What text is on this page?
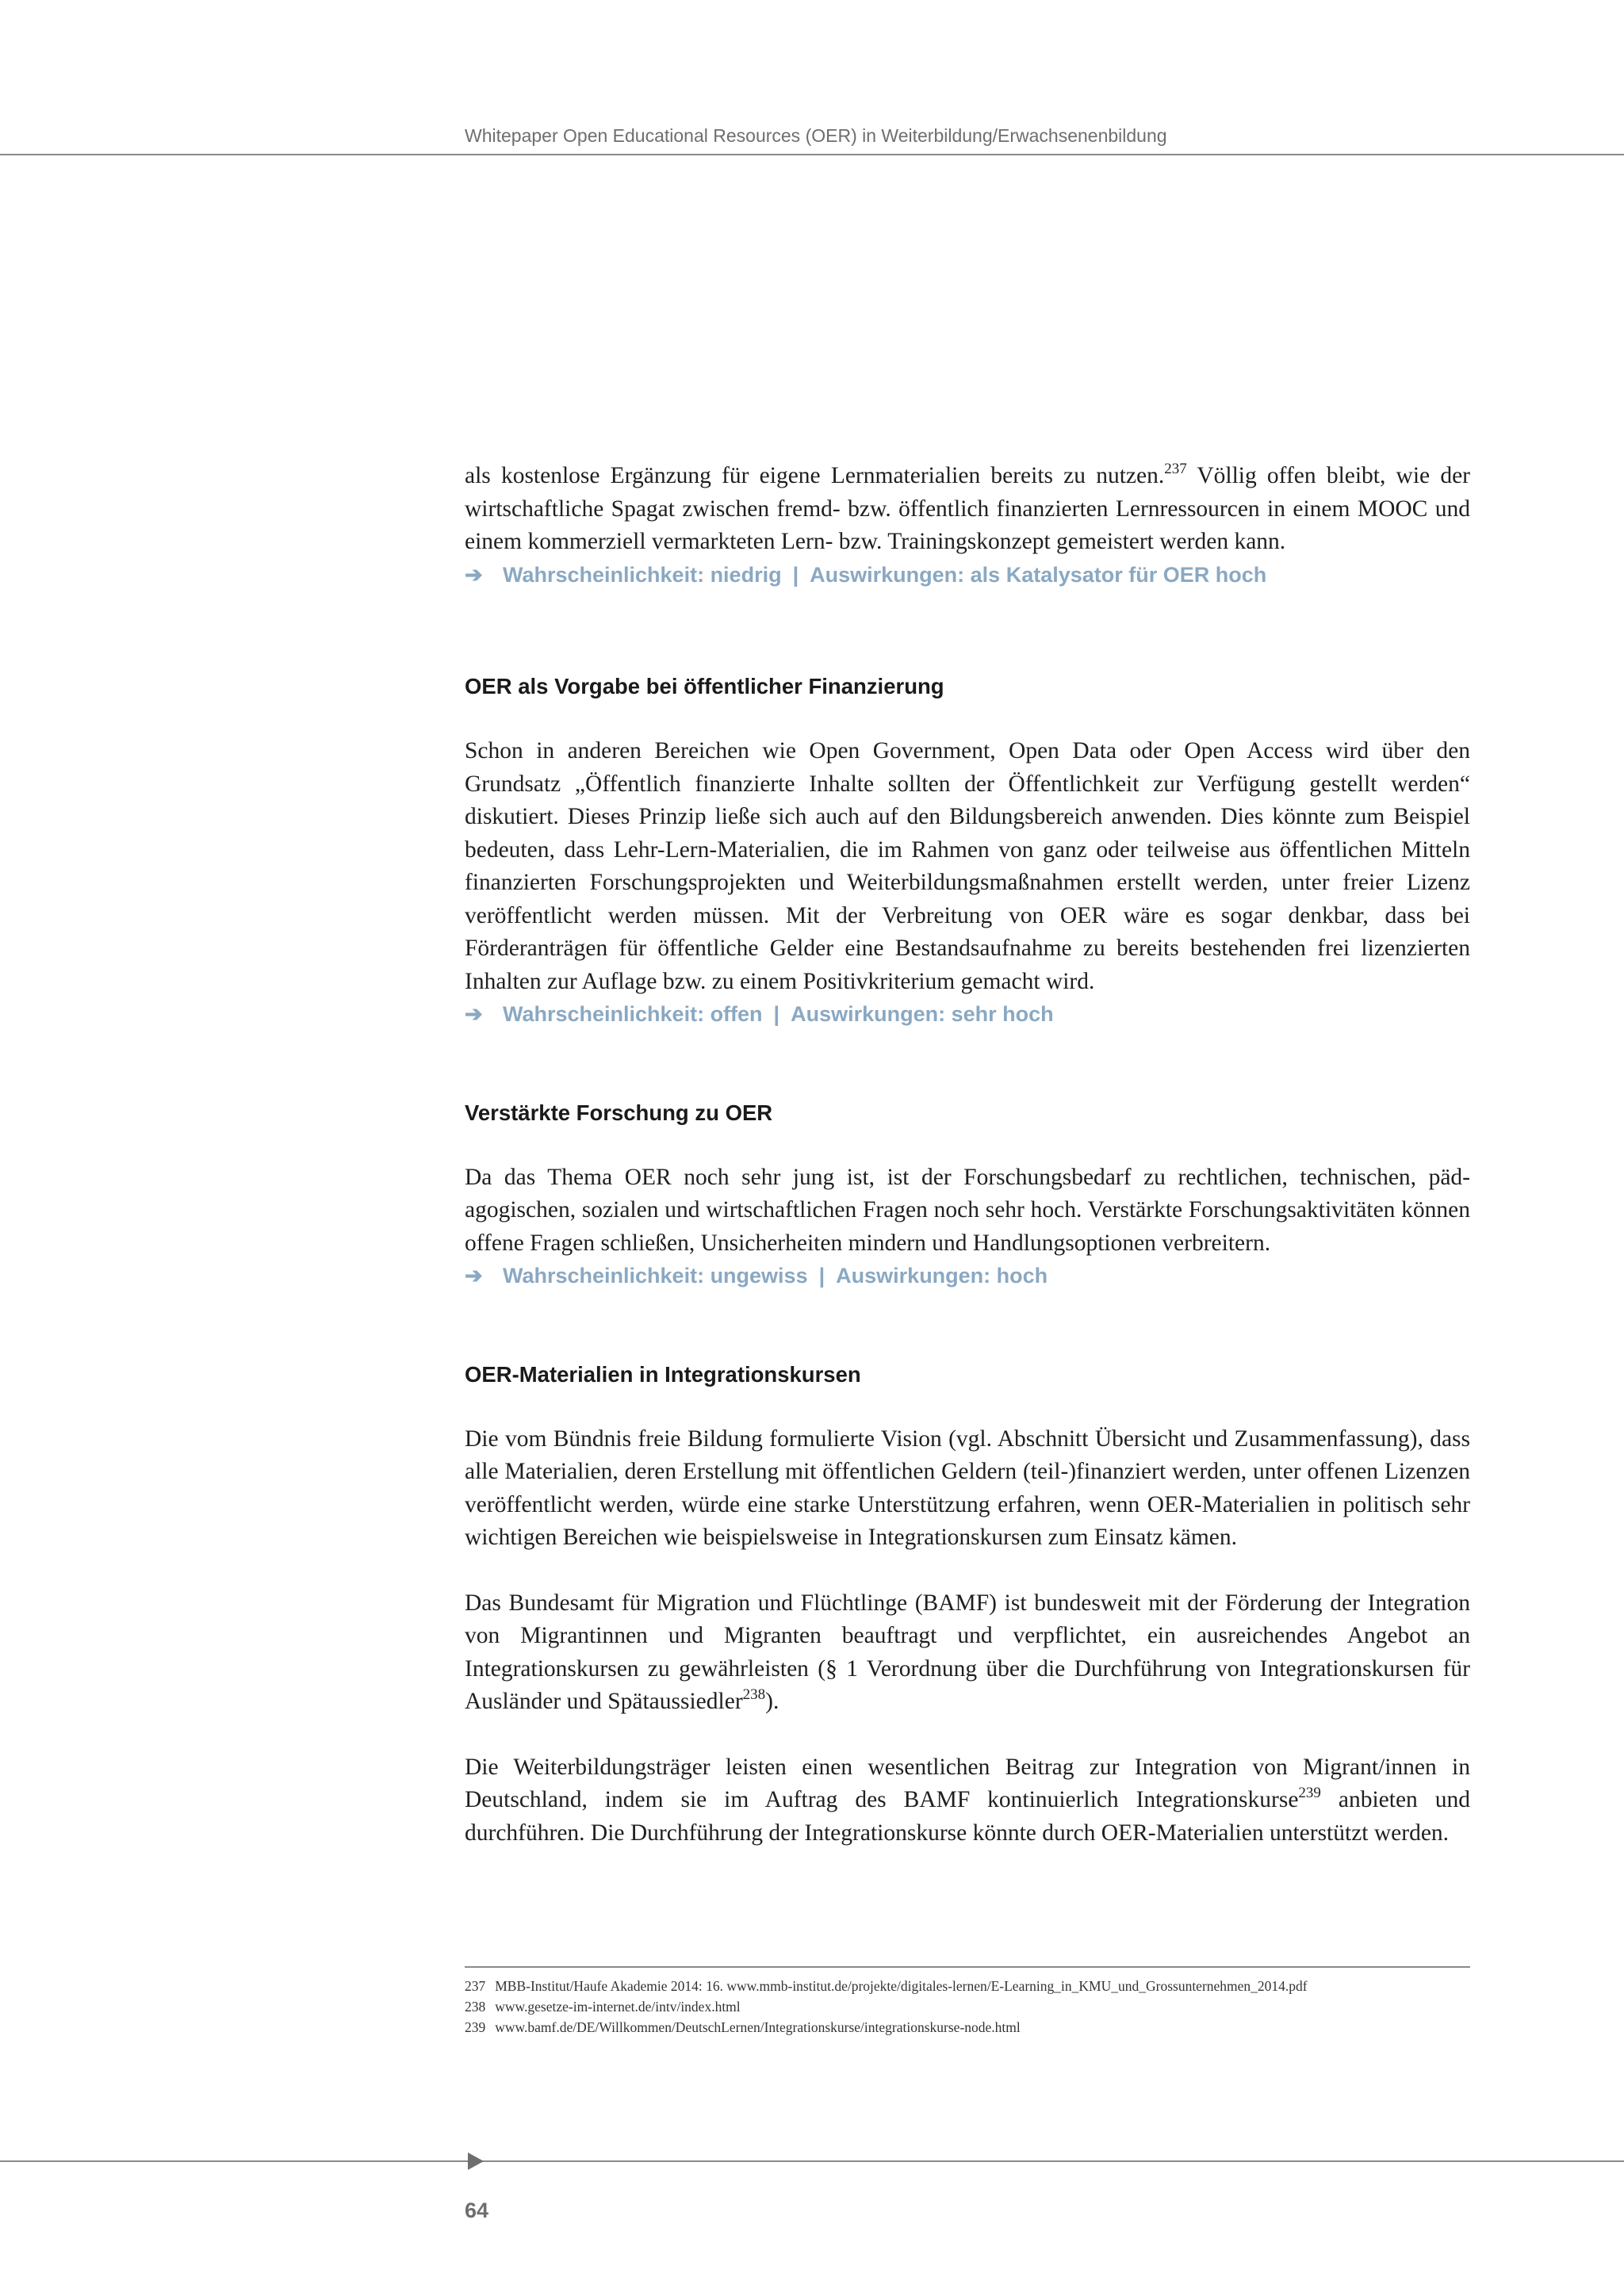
Whitepaper Open Educational Resources (OER) in Weiterbildung/Erwachsenenbildung

als kostenlose Ergänzung für eigene Lernmaterialien bereits zu nutzen.$^{237}$ Völlig offen bleibt, wie der wirtschaftliche Spagat zwischen fremd- bzw. öffentlich finanzierten Lernressourcen in einem MOOC und einem kommerziell vermarkteten Lern- bzw. Trainingskonzept gemeistert werden kann.

➔ Wahrscheinlichkeit: niedrig | Auswirkungen: als Katalysator für OER hoch
OER als Vorgabe bei öffentlicher Finanzierung

Schon in anderen Bereichen wie Open Government, Open Data oder Open Access wird über den Grundsatz „Öffentlich finanzierte Inhalte sollten der Öffentlichkeit zur Verfügung gestellt werden“ diskutiert. Dieses Prinzip ließe sich auch auf den Bildungsbereich anwenden. Dies könnte zum Beispiel bedeuten, dass Lehr-Lern-Materialien, die im Rahmen von ganz oder teilweise aus öffentlichen Mitteln finanzierten Forschungsprojekten und Weiterbildungsmaßnahmen erstellt werden, unter freier Lizenz veröffentlicht werden müssen. Mit der Verbreitung von OER wäre es sogar denkbar, dass bei Förderanträgen für öffentliche Gelder eine Bestandsaufnahme zu bereits bestehenden frei lizenzierten Inhalten zur Auflage bzw. zu einem Positivkriterium gemacht wird.

➔ Wahrscheinlichkeit: offen | Auswirkungen: sehr hoch
Verstärkte Forschung zu OER

Da das Thema OER noch sehr jung ist, ist der Forschungsbedarf zu rechtlichen, technischen, pädagogischen, sozialen und wirtschaftlichen Fragen noch sehr hoch. Verstärkte Forschungsaktivitäten können offene Fragen schließen, Unsicherheiten mindern und Handlungsoptionen verbreitern.

➔ Wahrscheinlichkeit: ungewiss | Auswirkungen: hoch
OER-Materialien in Integrationskursen

Die vom Bündnis freie Bildung formulierte Vision (vgl. Abschnitt Übersicht und Zusammenfassung), dass alle Materialien, deren Erstellung mit öffentlichen Geldern (teil-)finanziert werden, unter offenen Lizenzen veröffentlicht werden, würde eine starke Unterstützung erfahren, wenn OER-Materialien in politisch sehr wichtigen Bereichen wie beispielsweise in Integrationskursen zum Einsatz kämen.

Das Bundesamt für Migration und Flüchtlinge (BAMF) ist bundesweit mit der Förderung der Integration von Migrantinnen und Migranten beauftragt und verpflichtet, ein ausreichendes Angebot an Integrationskursen zu gewährleisten (§ 1 Verordnung über die Durchführung von Integrationskursen für Ausländer und Spätaussiedler$^{238}$).

Die Weiterbildungsträger leisten einen wesentlichen Beitrag zur Integration von Migrant/innen in Deutschland, indem sie im Auftrag des BAMF kontinuierlich Integrationskurse$^{239}$ anbieten und durchführen. Die Durchführung der Integrationskurse könnte durch OER-Materialien unterstützt werden.

237 MBB-Institut/Haufe Akademie 2014: 16. www.mmb-institut.de/projekte/digitales-lernen/E-Learning_in_KMU_und_Grossunternehmen_2014.pdf
238 www.gesetze-im-internet.de/intv/index.html
239 www.bamf.de/DE/Willkommen/DeutschLernen/Integrationskurse/integrationskurse-node.html
64
